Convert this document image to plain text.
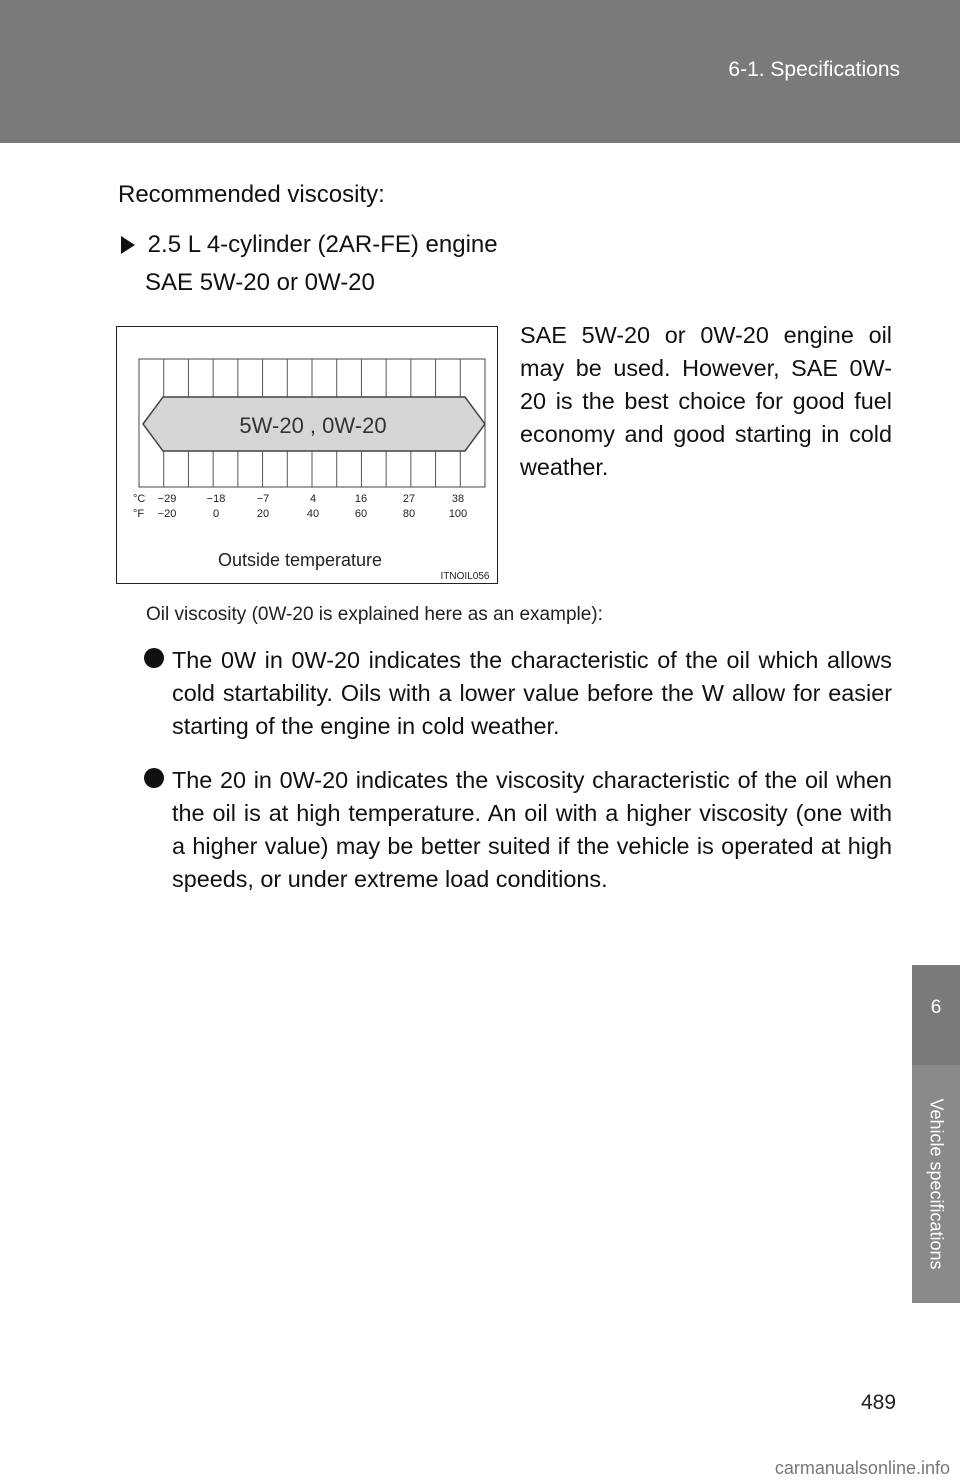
6-1. Specifications
6
Vehicle specifications
Recommended viscosity:
2.5 L 4-cylinder (2AR-FE) engine
SAE 5W-20 or 0W-20
SAE 5W-20 or 0W-20 engine oil may be used. However, SAE 0W-20 is the best choice for good fuel economy and good starting in cold weather.
5W-20 , 0W-20
°C
°F
−29	−18	−7	4	16	27	38
−20	0	20	40	60	80	100
Outside temperature
ITNOIL056
Oil viscosity (0W-20 is explained here as an example):
The 0W in 0W-20 indicates the characteristic of the oil which allows cold startability. Oils with a lower value before the W allow for easier starting of the engine in cold weather.
The 20 in 0W-20 indicates the viscosity characteristic of the oil when the oil is at high temperature. An oil with a higher viscosity (one with a higher value) may be better suited if the vehicle is operated at high speeds, or under extreme load conditions.
489
carmanualsonline.info
